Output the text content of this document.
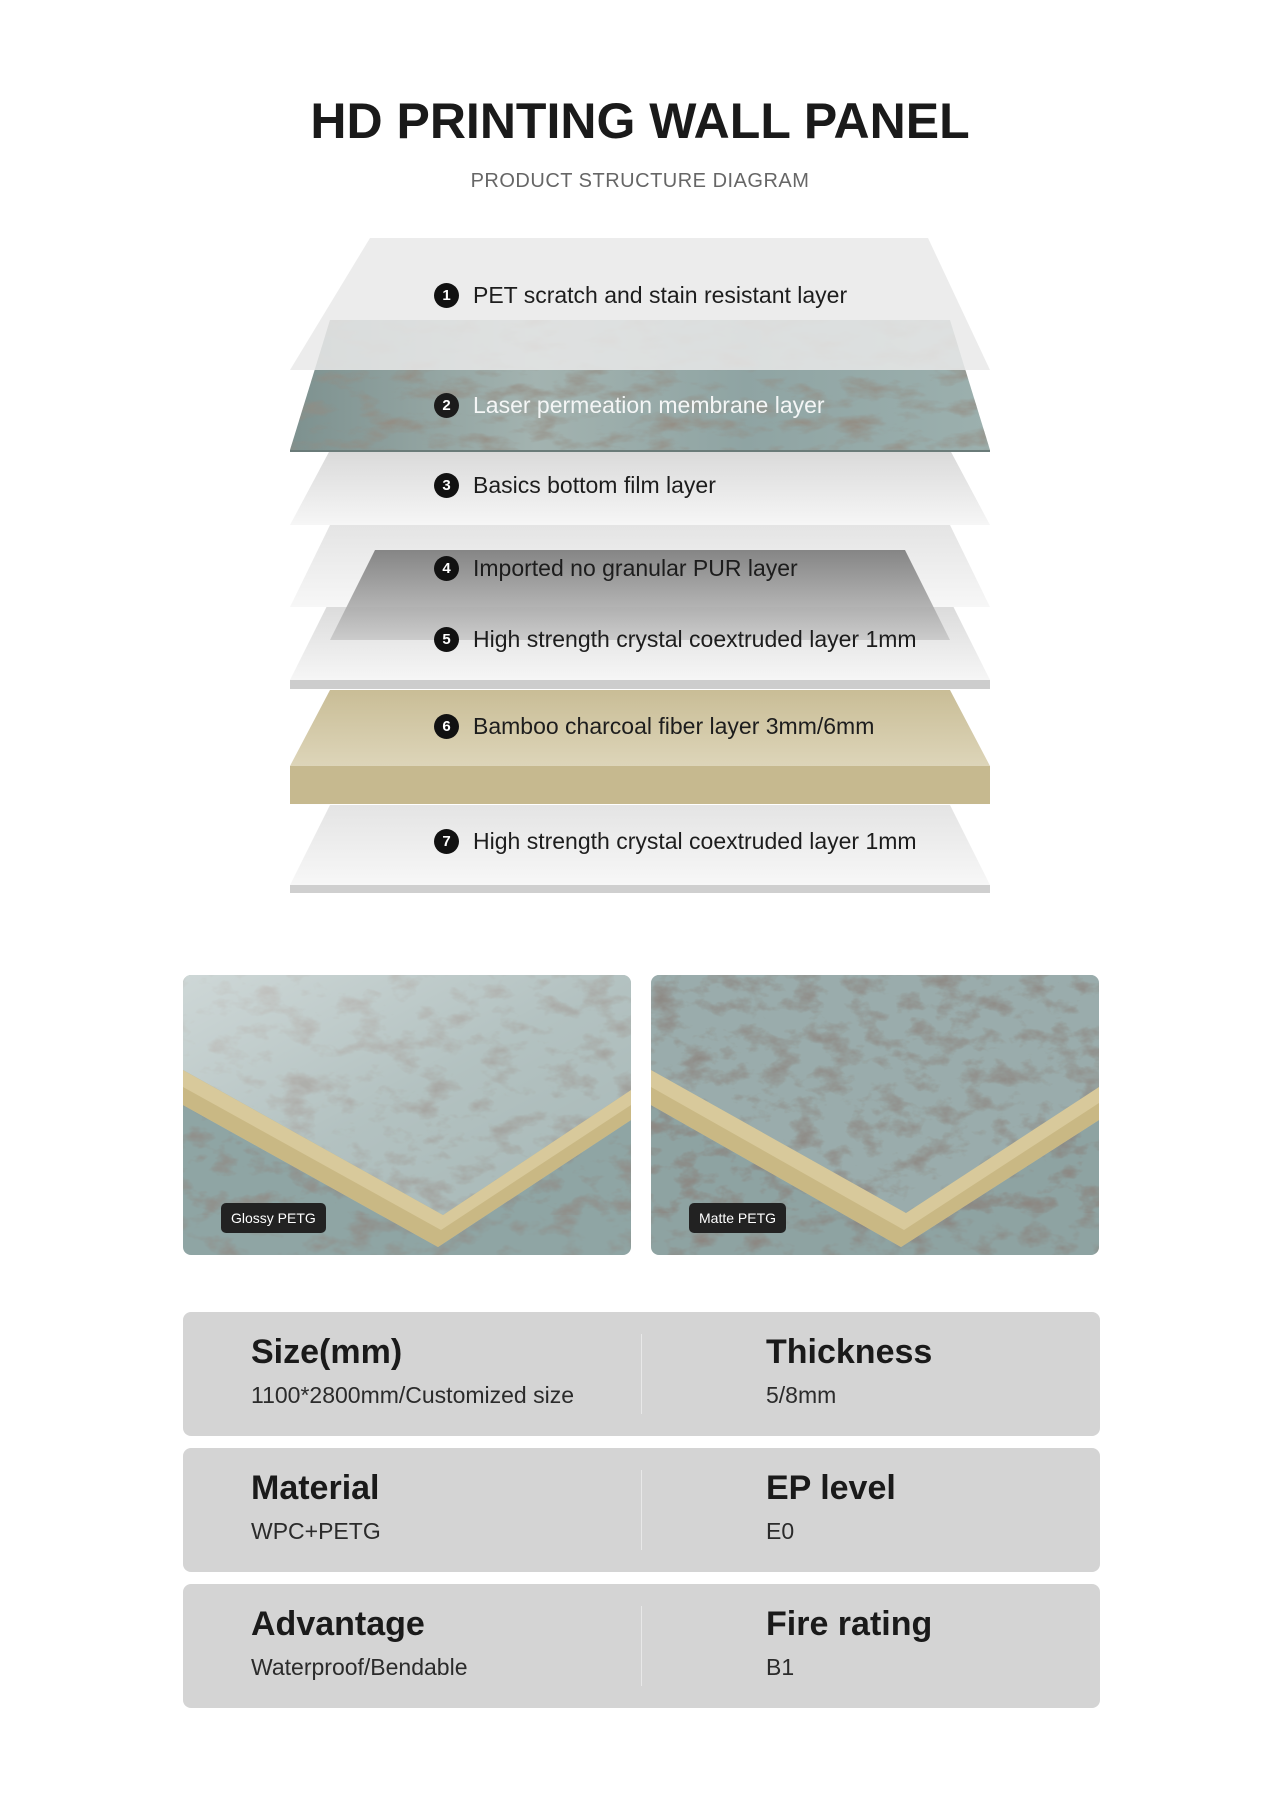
HD PRINTING WALL PANEL
PRODUCT STRUCTURE DIAGRAM
1 PET scratch and stain resistant layer
2 Laser permeation membrane layer
3 Basics bottom film layer
4 Imported no granular PUR layer
5 High strength crystal coextruded layer 1mm
6 Bamboo charcoal fiber layer 3mm/6mm
7 High strength crystal coextruded layer 1mm
Glossy PETG	Matte PETG
Size(mm)
1100*2800mm/Customized size
Thickness
5/8mm
Material
WPC+PETG
EP level
E0
Advantage
Waterproof/Bendable
Fire rating
B1
